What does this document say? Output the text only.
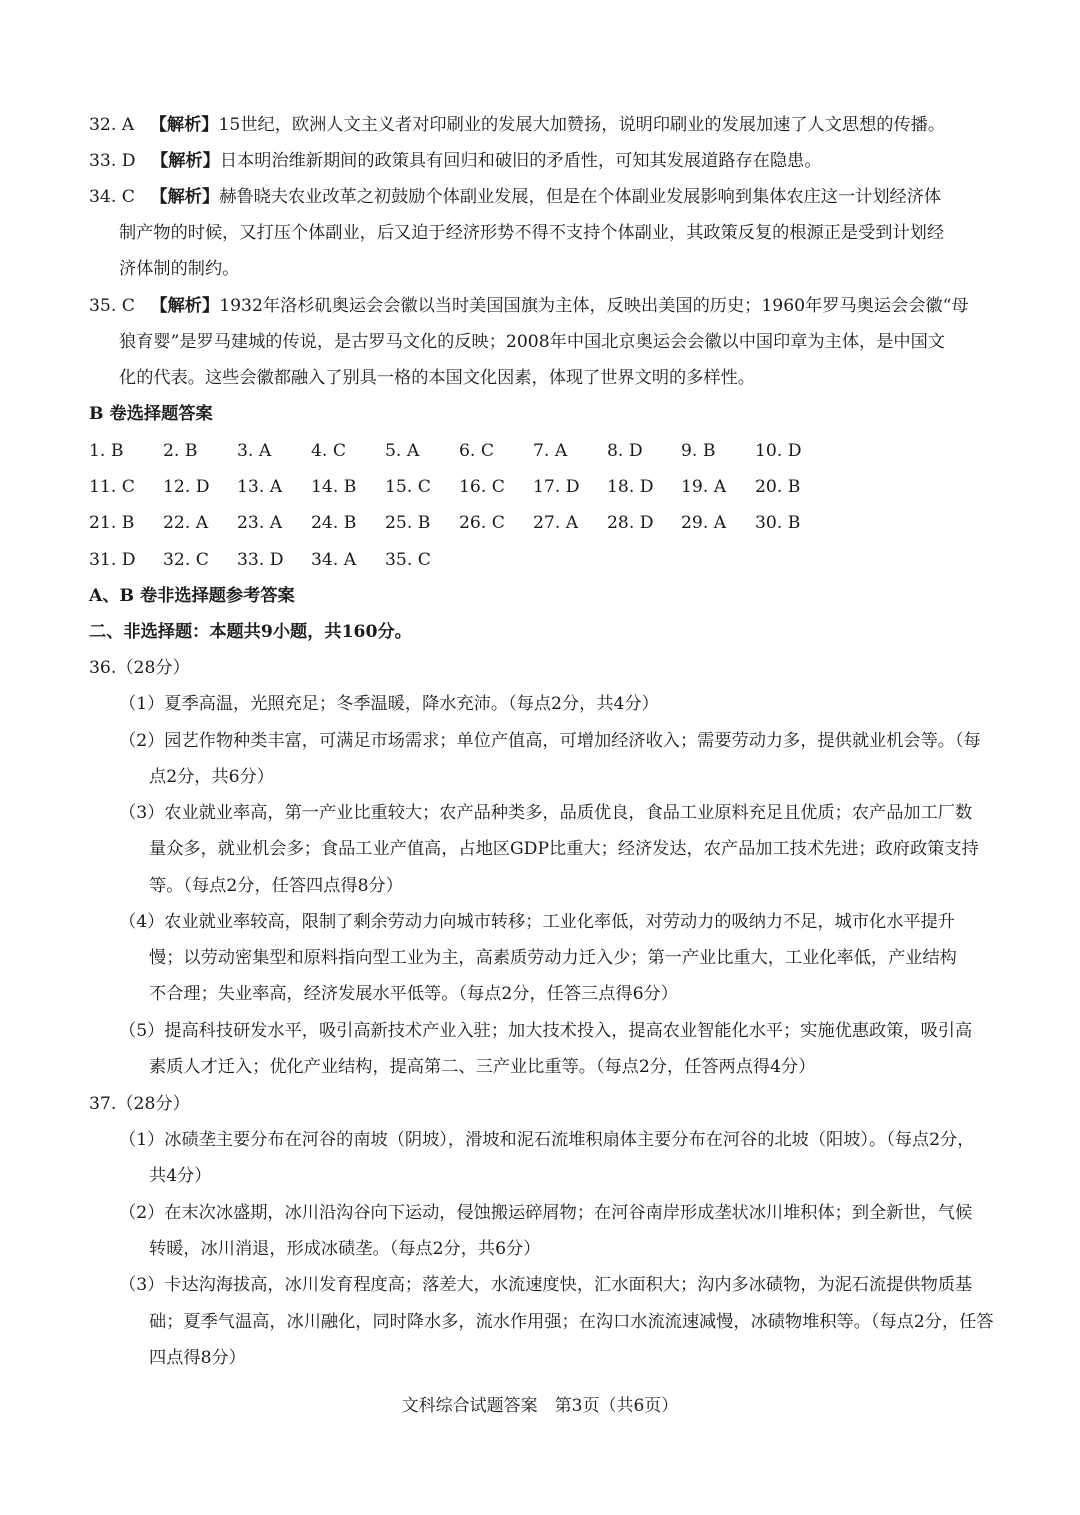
32. A 【解析】15世纪，欧洲人文主义者对印刷业的发展大加赞扬，说明印刷业的发展加速了人文思想的传播。
33. D 【解析】日本明治维新期间的政策具有回归和破旧的矛盾性，可知其发展道路存在隐患。
34. C 【解析】赫鲁晓夫农业改革之初鼓励个体副业发展，但是在个体副业发展影响到集体农庄这一计划经济体
制产物的时候，又打压个体副业，后又迫于经济形势不得不支持个体副业，其政策反复的根源正是受到计划经
济体制的制约。
35. C 【解析】1932年洛杉矶奥运会会徽以当时美国国旗为主体，反映出美国的历史；1960年罗马奥运会会徽“母
狼育婴”是罗马建城的传说，是古罗马文化的反映；2008年中国北京奥运会会徽以中国印章为主体，是中国文
化的代表。这些会徽都融入了别具一格的本国文化因素，体现了世界文明的多样性。
B 卷选择题答案
1. B 2. B 3. A 4. C 5. A 6. C 7. A 8. D 9. B 10. D
11. C 12. D 13. A 14. B 15. C 16. C 17. D 18. D 19. A 20. B
21. B 22. A 23. A 24. B 25. B 26. C 27. A 28. D 29. A 30. B
31. D 32. C 33. D 34. A 35. C
A、B 卷非选择题参考答案
二、非选择题：本题共9小题，共160分。
36.（28分）
（1）夏季高温，光照充足；冬季温暖，降水充沛。（每点2分，共4分）
（2）园艺作物种类丰富，可满足市场需求；单位产值高，可增加经济收入；需要劳动力多，提供就业机会等。（每
点2分，共6分）
（3）农业就业率高，第一产业比重较大；农产品种类多，品质优良，食品工业原料充足且优质；农产品加工厂数
量众多，就业机会多；食品工业产值高，占地区GDP比重大；经济发达，农产品加工技术先进；政府政策支持
等。（每点2分，任答四点得8分）
（4）农业就业率较高，限制了剩余劳动力向城市转移；工业化率低，对劳动力的吸纳力不足，城市化水平提升
慢；以劳动密集型和原料指向型工业为主，高素质劳动力迁入少；第一产业比重大，工业化率低，产业结构
不合理；失业率高，经济发展水平低等。（每点2分，任答三点得6分）
（5）提高科技研发水平，吸引高新技术产业入驻；加大技术投入，提高农业智能化水平；实施优惠政策，吸引高
素质人才迁入；优化产业结构，提高第二、三产业比重等。（每点2分，任答两点得4分）
37.（28分）
（1）冰碛垄主要分布在河谷的南坡（阴坡），滑坡和泥石流堆积扇体主要分布在河谷的北坡（阳坡）。（每点2分，
共4分）
（2）在末次冰盛期，冰川沿沟谷向下运动，侵蚀搬运碎屑物；在河谷南岸形成垄状冰川堆积体；到全新世，气候
转暖，冰川消退，形成冰碛垄。（每点2分，共6分）
（3）卡达沟海拔高，冰川发育程度高；落差大，水流速度快，汇水面积大；沟内多冰碛物，为泥石流提供物质基
础；夏季气温高，冰川融化，同时降水多，流水作用强；在沟口水流流速减慢，冰碛物堆积等。（每点2分，任答
四点得8分）
文科综合试题答案　第3页（共6页）
